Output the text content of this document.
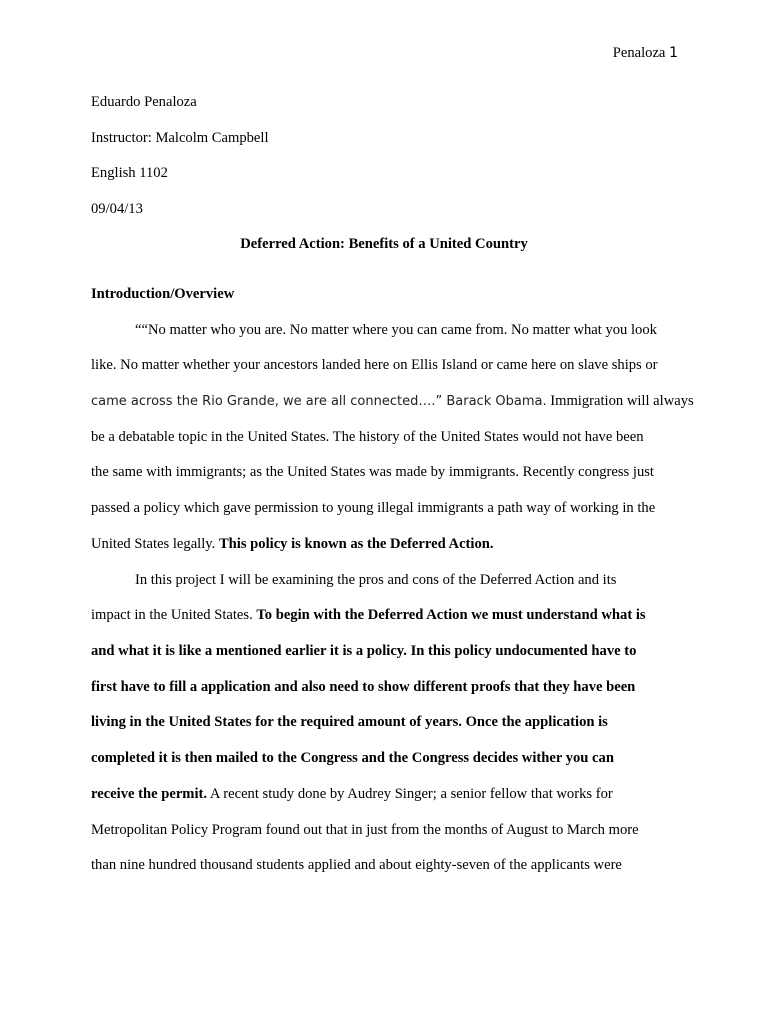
Penaloza 1
Eduardo Penaloza
Instructor: Malcolm Campbell
English 1102
09/04/13
Deferred Action: Benefits of a United Country
Introduction/Overview
““No matter who you are. No matter where you can came from. No matter what you look
like. No matter whether your ancestors landed here on Ellis Island or came here on slave ships or
came across the Rio Grande, we are all connected….” Barack Obama. Immigration will always
be a debatable topic in the United States. The history of the United States would not have been
the same with immigrants; as the United States was made by immigrants. Recently congress just
passed a policy which gave permission to young illegal immigrants a path way of working in the
United States legally. This policy is known as the Deferred Action.
In this project I will be examining the pros and cons of the Deferred Action and its
impact in the United States. To begin with the Deferred Action we must understand what is
and what it is like a mentioned earlier it is a policy. In this policy undocumented have to
first have to fill a application and also need to show different proofs that they have been
living in the United States for the required amount of years. Once the application is
completed it is then mailed to the Congress and the Congress decides wither you can
receive the permit. A recent study done by Audrey Singer; a senior fellow that works for
Metropolitan Policy Program found out that in just from the months of August to March more
than nine hundred thousand students applied and about eighty-seven of the applicants were
